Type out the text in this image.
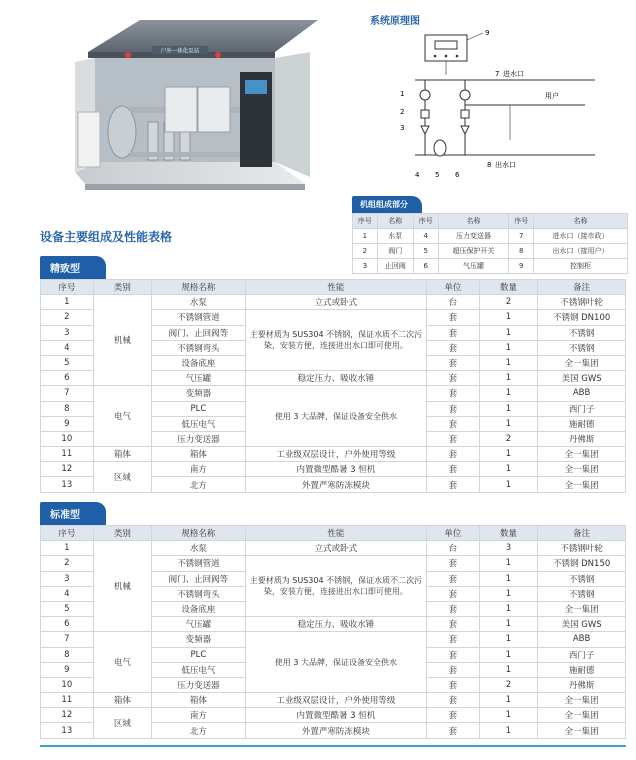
户外一体化泵站
系统原理图
9
7 进水口
用户
8 出水口
1
2
3
4 5 6
机组组成部分
序号	名称	序号	名称	序号	名称
1	水泵	4	压力变送器	7	进水口（接市政）
2	阀门	5	超压保护开关	8	出水口（接用户）
3	止回阀	6	气压罐	9	控制柜
设备主要组成及性能表格
精致型
序号	类别	规格名称	性能	单位	数量	备注
1	机械	水泵	立式或卧式	台	2	不锈钢叶轮
2		不锈钢管道	主要材质为 SUS304 不锈钢，保证水质不二次污染，安装方便，连接进出水口即可使用。	套	1	不锈钢 DN100
3		阀门、止回阀等		套	1	不锈钢
4		不锈钢弯头		套	1	不锈钢
5		设备底座		套	1	全一集团
6		气压罐	稳定压力、吸收水锤	套	1	美国 GWS
7	电气	变频器	使用 3 大品牌，保证设备安全供水	套	1	ABB
8		PLC		套	1	西门子
9		低压电气		套	1	施耐德
10		压力变送器		套	2	丹佛斯
11	箱体	箱体	工业级双层设计，户外使用等级	套	1	全一集团
12	区域	南方	内置微型酷暑 3 恒机	套	1	全一集团
13		北方	外置严寒防冻模块	套	1	全一集团
标准型
序号	类别	规格名称	性能	单位	数量	备注
1	机械	水泵	立式或卧式	台	3	不锈钢叶轮
2		不锈钢管道	主要材质为 SUS304 不锈钢，保证水质不二次污染，安装方便，连接进出水口即可使用。	套	1	不锈钢 DN150
3		阀门、止回阀等		套	1	不锈钢
4		不锈钢弯头		套	1	不锈钢
5		设备底座		套	1	全一集团
6		气压罐	稳定压力、吸收水锤	套	1	美国 GWS
7	电气	变频器	使用 3 大品牌，保证设备安全供水	套	1	ABB
8		PLC		套	1	西门子
9		低压电气		套	1	施耐德
10		压力变送器		套	2	丹佛斯
11	箱体	箱体	工业级双层设计，户外使用等级	套	1	全一集团
12	区域	南方	内置微型酷暑 3 恒机	套	1	全一集团
13		北方	外置严寒防冻模块	套	1	全一集团
